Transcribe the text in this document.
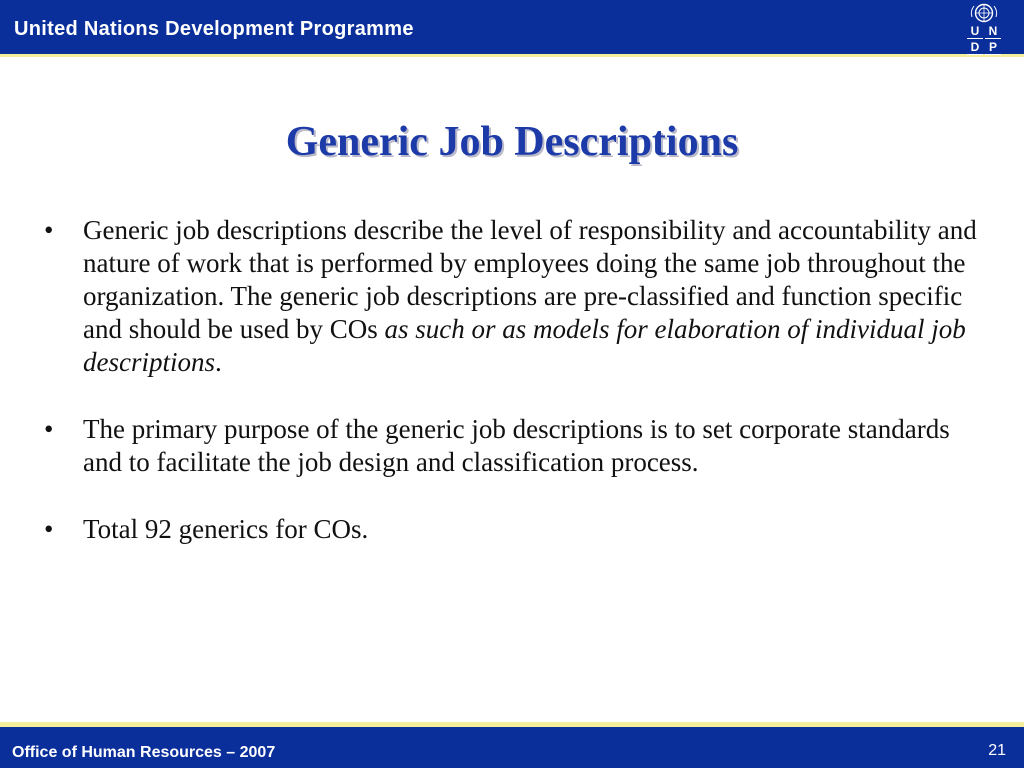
United Nations Development Programme	U N
D P
Generic Job Descriptions
• Generic job descriptions describe the level of responsibility and accountability and nature of work that is performed by employees doing the same job throughout the organization. The generic job descriptions are pre-classified and function specific and should be used by COs as such or as models for elaboration of individual job descriptions.
• The primary purpose of the generic job descriptions is to set corporate standards and to facilitate the job design and classification process.
• Total 92 generics for COs.
Office of Human Resources – 2007	21
